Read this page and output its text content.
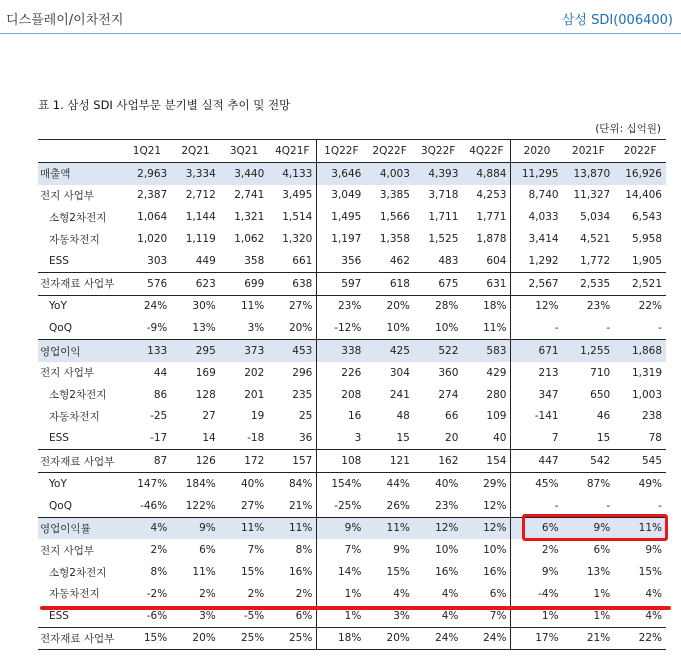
디스플레이/이차전지	삼성 SDI(006400)
표 1. 삼성 SDI 사업부문 분기별 실적 추이 및 전망
(단위: 십억원)
	1Q21	2Q21	3Q21	4Q21F	1Q22F	2Q22F	3Q22F	4Q22F	2020	2021F	2022F
매출액	2,963	3,334	3,440	4,133	3,646	4,003	4,393	4,884	11,295	13,870	16,926
전지 사업부	2,387	2,712	2,741	3,495	3,049	3,385	3,718	4,253	8,740	11,327	14,406
소형2차전지	1,064	1,144	1,321	1,514	1,495	1,566	1,711	1,771	4,033	5,034	6,543
자동차전지	1,020	1,119	1,062	1,320	1,197	1,358	1,525	1,878	3,414	4,521	5,958
ESS	303	449	358	661	356	462	483	604	1,292	1,772	1,905
전자재료 사업부	576	623	699	638	597	618	675	631	2,567	2,535	2,521
YoY	24%	30%	11%	27%	23%	20%	28%	18%	12%	23%	22%
QoQ	-9%	13%	3%	20%	-12%	10%	10%	11%	-	-	-
영업이익	133	295	373	453	338	425	522	583	671	1,255	1,868
전지 사업부	44	169	202	296	226	304	360	429	213	710	1,319
소형2차전지	86	128	201	235	208	241	274	280	347	650	1,003
자동차전지	-25	27	19	25	16	48	66	109	-141	46	238
ESS	-17	14	-18	36	3	15	20	40	7	15	78
전자재료 사업부	87	126	172	157	108	121	162	154	447	542	545
YoY	147%	184%	40%	84%	154%	44%	40%	29%	45%	87%	49%
QoQ	-46%	122%	27%	21%	-25%	26%	23%	12%	-	-	-
영업이익률	4%	9%	11%	11%	9%	11%	12%	12%	6%	9%	11%
전지 사업부	2%	6%	7%	8%	7%	9%	10%	10%	2%	6%	9%
소형2차전지	8%	11%	15%	16%	14%	15%	16%	16%	9%	13%	15%
자동차전지	-2%	2%	2%	2%	1%	4%	4%	6%	-4%	1%	4%
ESS	-6%	3%	-5%	6%	1%	3%	4%	7%	1%	1%	4%
전자재료 사업부	15%	20%	25%	25%	18%	20%	24%	24%	17%	21%	22%
